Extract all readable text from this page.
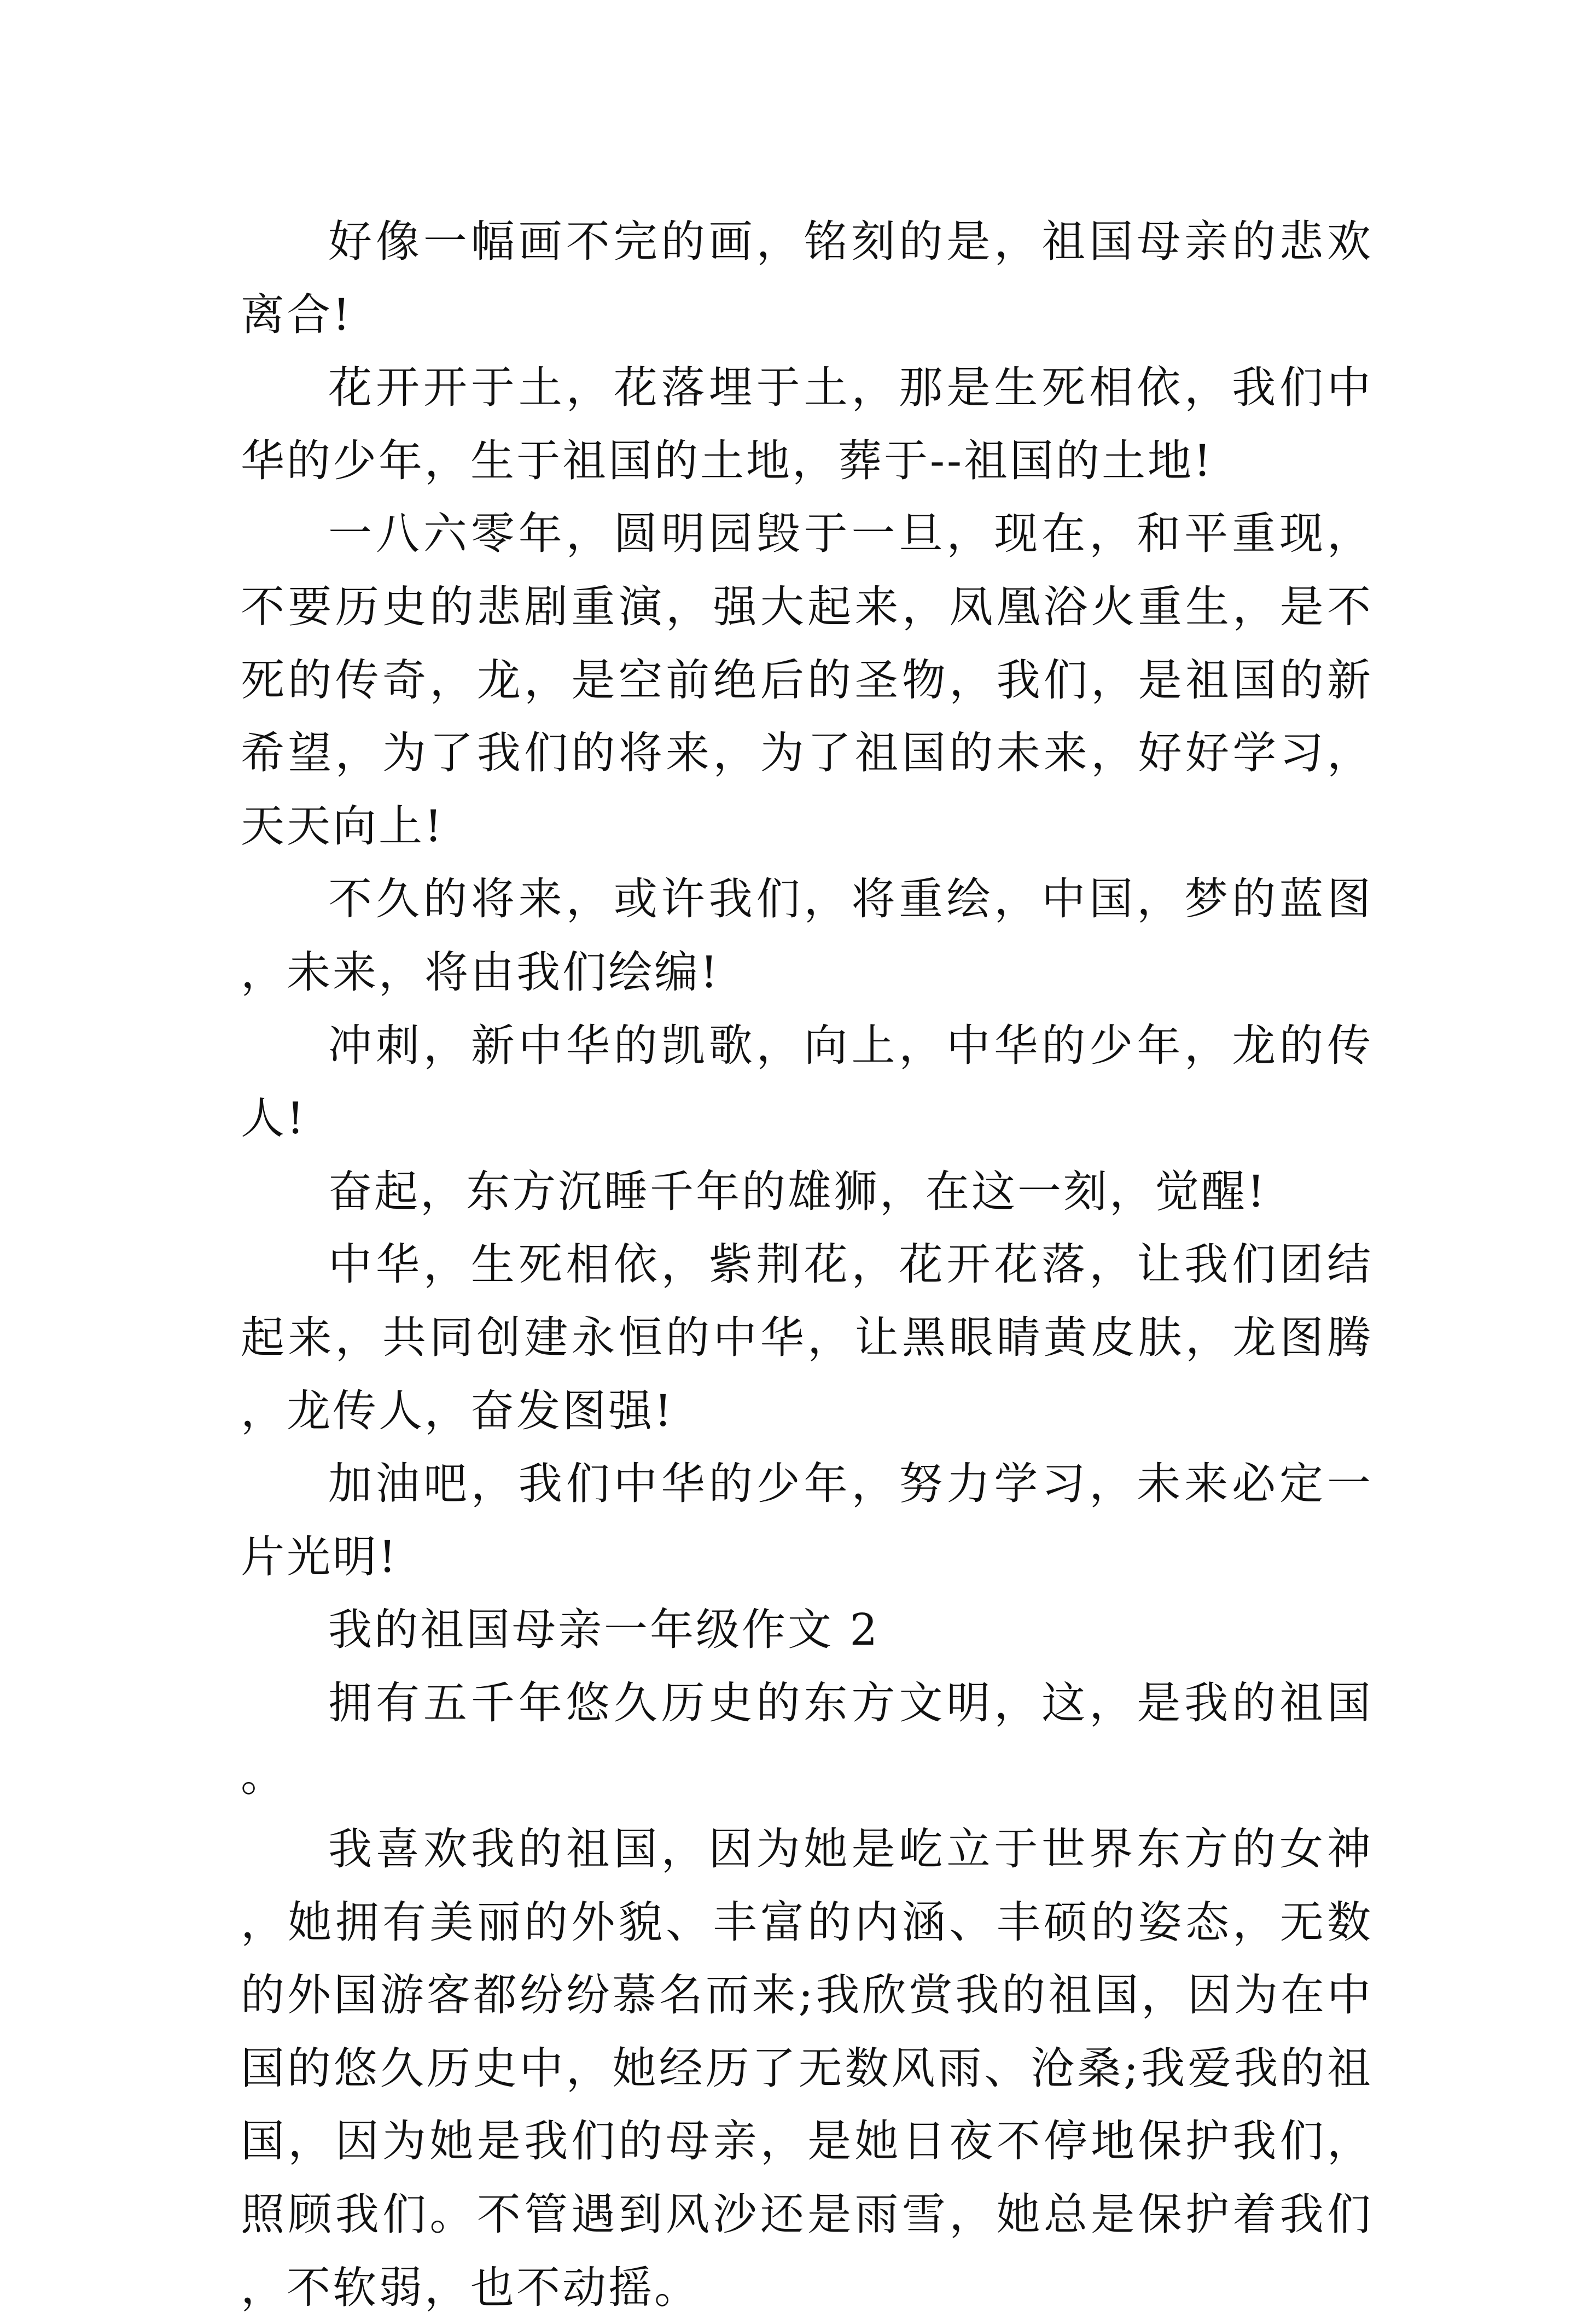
好像一幅画不完的画，铭刻的是，祖国母亲的悲欢离合!

花开开于土，花落埋于土，那是生死相依，我们中华的少年，生于祖国的土地，葬于--祖国的土地!

一八六零年，圆明园毁于一旦，现在，和平重现，不要历史的悲剧重演，强大起来，凤凰浴火重生，是不死的传奇，龙，是空前绝后的圣物，我们，是祖国的新希望，为了我们的将来，为了祖国的未来，好好学习，天天向上!

不久的将来，或许我们，将重绘，中国，梦的蓝图，未来，将由我们绘编!

冲刺，新中华的凯歌，向上，中华的少年，龙的传人!

奋起，东方沉睡千年的雄狮，在这一刻，觉醒!

中华，生死相依，紫荆花，花开花落，让我们团结起来，共同创建永恒的中华，让黑眼睛黄皮肤，龙图腾，龙传人，奋发图强!

加油吧，我们中华的少年，努力学习，未来必定一片光明!

我的祖国母亲一年级作文 2

拥有五千年悠久历史的东方文明，这，是我的祖国。

我喜欢我的祖国，因为她是屹立于世界东方的女神，她拥有美丽的外貌、丰富的内涵、丰硕的姿态，无数的外国游客都纷纷慕名而来;我欣赏我的祖国，因为在中国的悠久历史中，她经历了无数风雨、沧桑;我爱我的祖国，因为她是我们的母亲，是她日夜不停地保护我们，照顾我们。不管遇到风沙还是雨雪，她总是保护着我们，不软弱，也不动摇。
